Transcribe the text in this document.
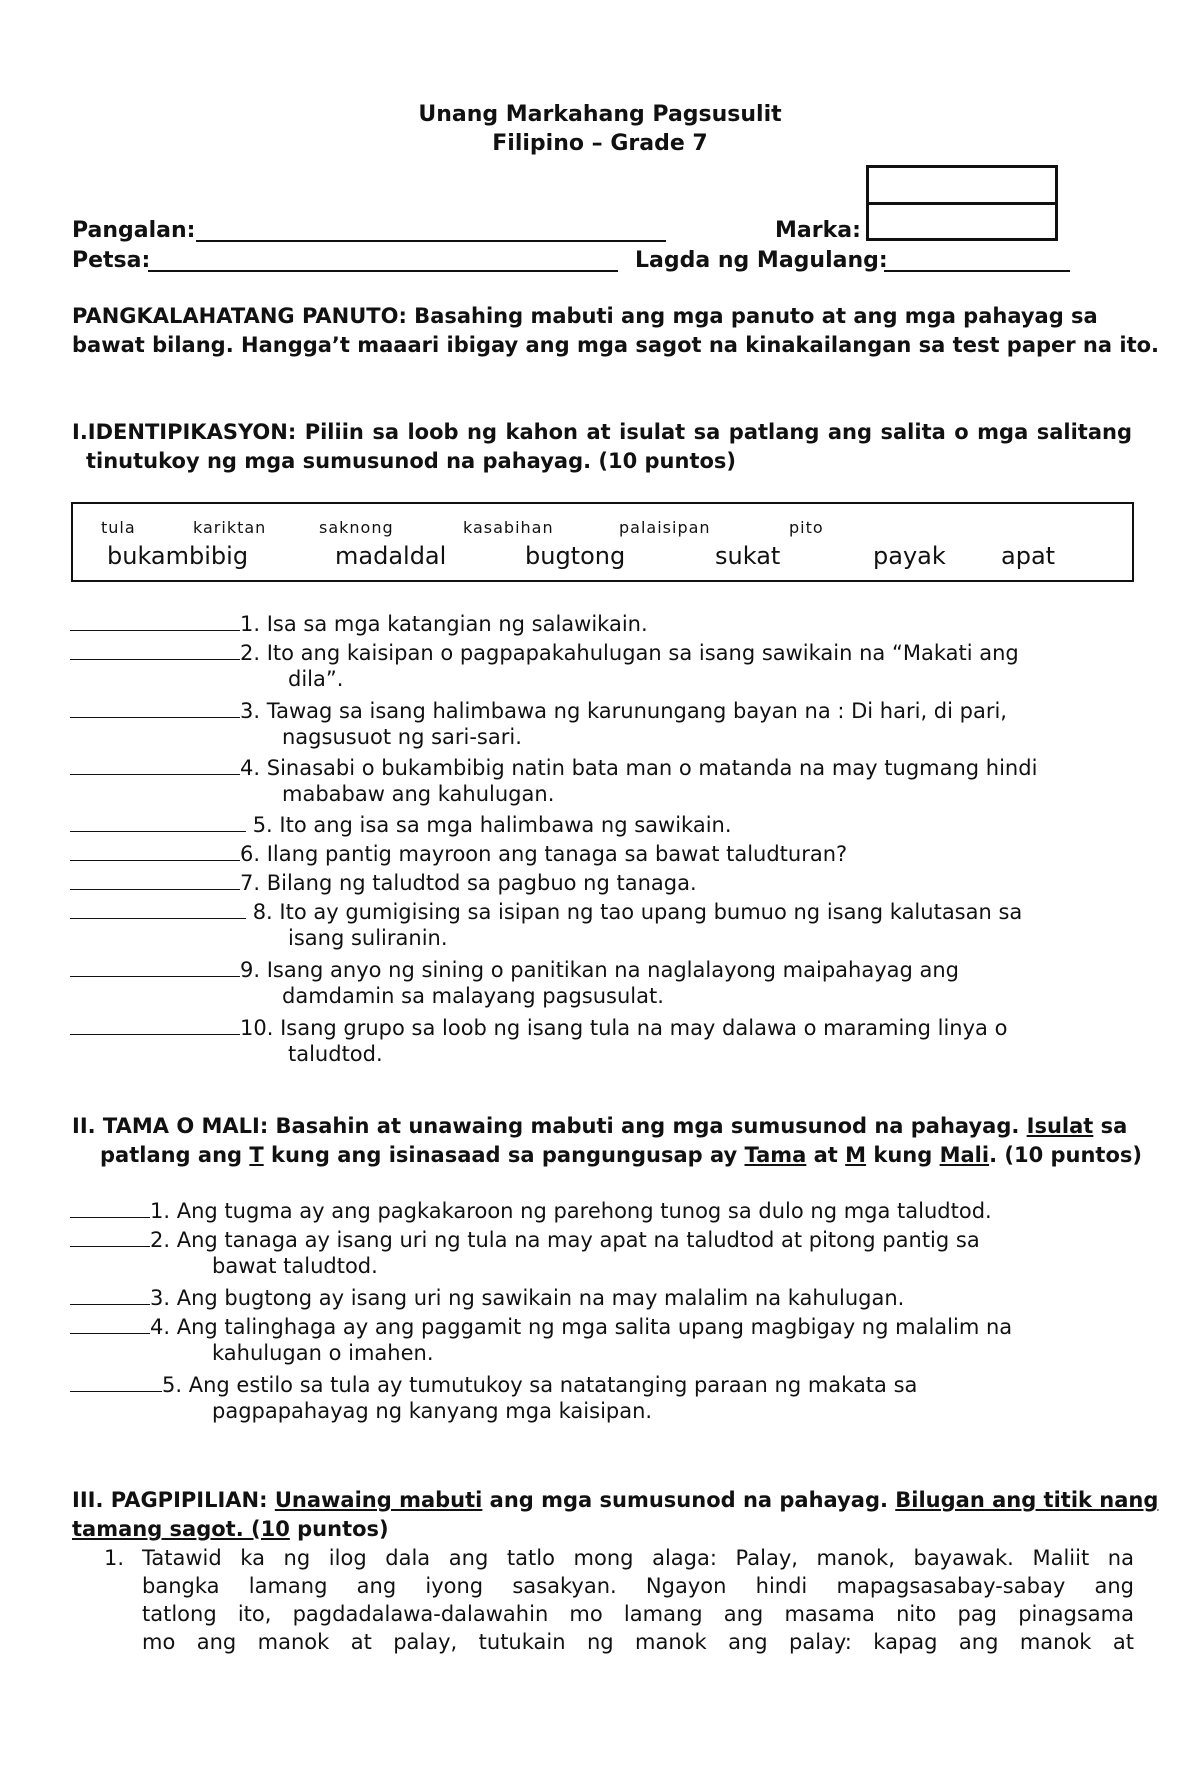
Unang Markahang Pagsusulit
Filipino – Grade 7
Pangalan:	Marka:
Petsa:	Lagda ng Magulang:
PANGKALAHATANG PANUTO: Basahing mabuti ang mga panuto at ang mga pahayag sa
bawat bilang. Hangga’t maaari ibigay ang mga sagot na kinakailangan sa test paper na ito.
I.IDENTIPIKASYON: Piliin sa loob ng kahon at isulat sa patlang ang salita o mga salitang
tinutukoy ng mga sumusunod na pahayag. (10 puntos)
tula	kariktan	saknong	kasabihan	palaisipan	pito
bukambibig	madaldal	bugtong	sukat	payak apat
1. Isa sa mga katangian ng salawikain.
2. Ito ang kaisipan o pagpapakahulugan sa isang sawikain na “Makati ang
dila”.
3. Tawag sa isang halimbawa ng karunungang bayan na : Di hari, di pari,
nagsusuot ng sari-sari.
4. Sinasabi o bukambibig natin bata man o matanda na may tugmang hindi
mababaw ang kahulugan.
5. Ito ang isa sa mga halimbawa ng sawikain.
6. Ilang pantig mayroon ang tanaga sa bawat taludturan?
7. Bilang ng taludtod sa pagbuo ng tanaga.
8. Ito ay gumigising sa isipan ng tao upang bumuo ng isang kalutasan sa
isang suliranin.
9. Isang anyo ng sining o panitikan na naglalayong maipahayag ang
damdamin sa malayang pagsusulat.
10. Isang grupo sa loob ng isang tula na may dalawa o maraming linya o
taludtod.
II. TAMA O MALI: Basahin at unawaing mabuti ang mga sumusunod na pahayag. Isulat sa
patlang ang T kung ang isinasaad sa pangungusap ay Tama at M kung Mali. (10 puntos)
1. Ang tugma ay ang pagkakaroon ng parehong tunog sa dulo ng mga taludtod.
2. Ang tanaga ay isang uri ng tula na may apat na taludtod at pitong pantig sa
bawat taludtod.
3. Ang bugtong ay isang uri ng sawikain na may malalim na kahulugan.
4. Ang talinghaga ay ang paggamit ng mga salita upang magbigay ng malalim na
kahulugan o imahen.
5. Ang estilo sa tula ay tumutukoy sa natatanging paraan ng makata sa
pagpapahayag ng kanyang mga kaisipan.
III. PAGPIPILIAN: Unawaing mabuti ang mga sumusunod na pahayag. Bilugan ang titik nang
tamang sagot. (10 puntos)
1. Tatawid ka ng ilog dala ang tatlo mong alaga: Palay, manok, bayawak. Maliit na
bangka lamang ang iyong sasakyan. Ngayon hindi mapagsasabay-sabay ang
tatlong ito, pagdadalawa-dalawahin mo lamang ang masama nito pag pinagsama
mo ang manok at palay, tutukain ng manok ang palay: kapag ang manok at
